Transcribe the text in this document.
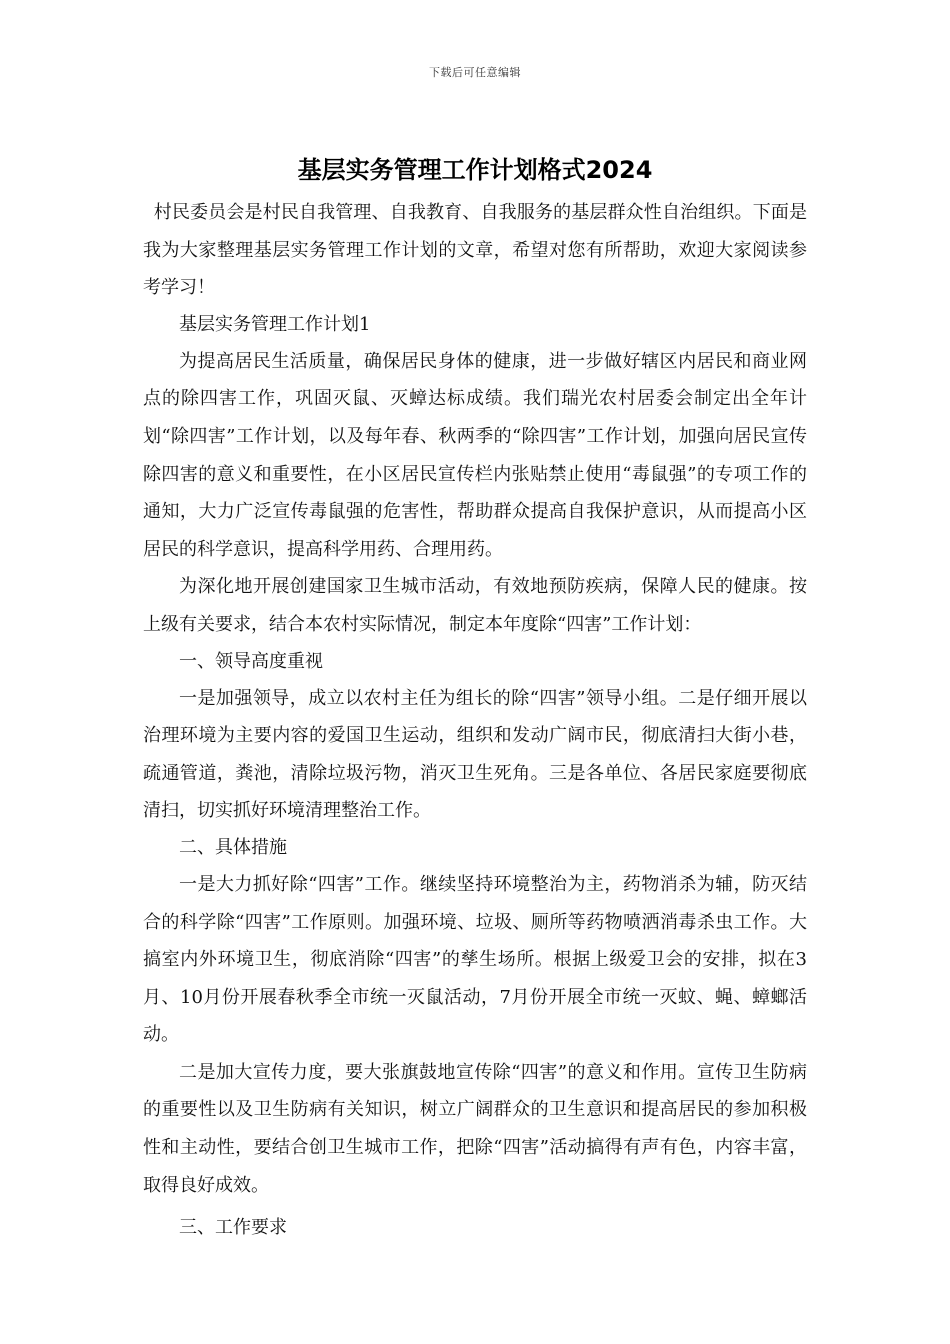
下载后可任意编辑
基层实务管理工作计划格式2024

村民委员会是村民自我管理、自我教育、自我服务的基层群众性自治组织。下面是我为大家整理基层实务管理工作计划的文章，希望对您有所帮助，欢迎大家阅读参考学习！

基层实务管理工作计划1

为提高居民生活质量，确保居民身体的健康，进一步做好辖区内居民和商业网点的除四害工作，巩固灭鼠、灭蟑达标成绩。我们瑞光农村居委会制定出全年计划“除四害”工作计划，以及每年春、秋两季的“除四害”工作计划，加强向居民宣传除四害的意义和重要性，在小区居民宣传栏内张贴禁止使用“毒鼠强”的专项工作的通知，大力广泛宣传毒鼠强的危害性，帮助群众提高自我保护意识，从而提高小区居民的科学意识，提高科学用药、合理用药。

为深化地开展创建国家卫生城市活动，有效地预防疾病，保障人民的健康。按上级有关要求，结合本农村实际情况，制定本年度除“四害”工作计划：

一、领导高度重视

一是加强领导，成立以农村主任为组长的除“四害”领导小组。二是仔细开展以治理环境为主要内容的爱国卫生运动，组织和发动广阔市民，彻底清扫大街小巷，疏通管道，粪池，清除垃圾污物，消灭卫生死角。三是各单位、各居民家庭要彻底清扫，切实抓好环境清理整治工作。

二、具体措施

一是大力抓好除“四害”工作。继续坚持环境整治为主，药物消杀为辅，防灭结合的科学除“四害”工作原则。加强环境、垃圾、厕所等药物喷洒消毒杀虫工作。大搞室内外环境卫生，彻底消除“四害”的孳生场所。根据上级爱卫会的安排，拟在3月、10月份开展春秋季全市统一灭鼠活动，7月份开展全市统一灭蚊、蝇、蟑螂活动。

二是加大宣传力度，要大张旗鼓地宣传除“四害”的意义和作用。宣传卫生防病的重要性以及卫生防病有关知识，树立广阔群众的卫生意识和提高居民的参加积极性和主动性，要结合创卫生城市工作，把除“四害”活动搞得有声有色，内容丰富，取得良好成效。

三、工作要求
